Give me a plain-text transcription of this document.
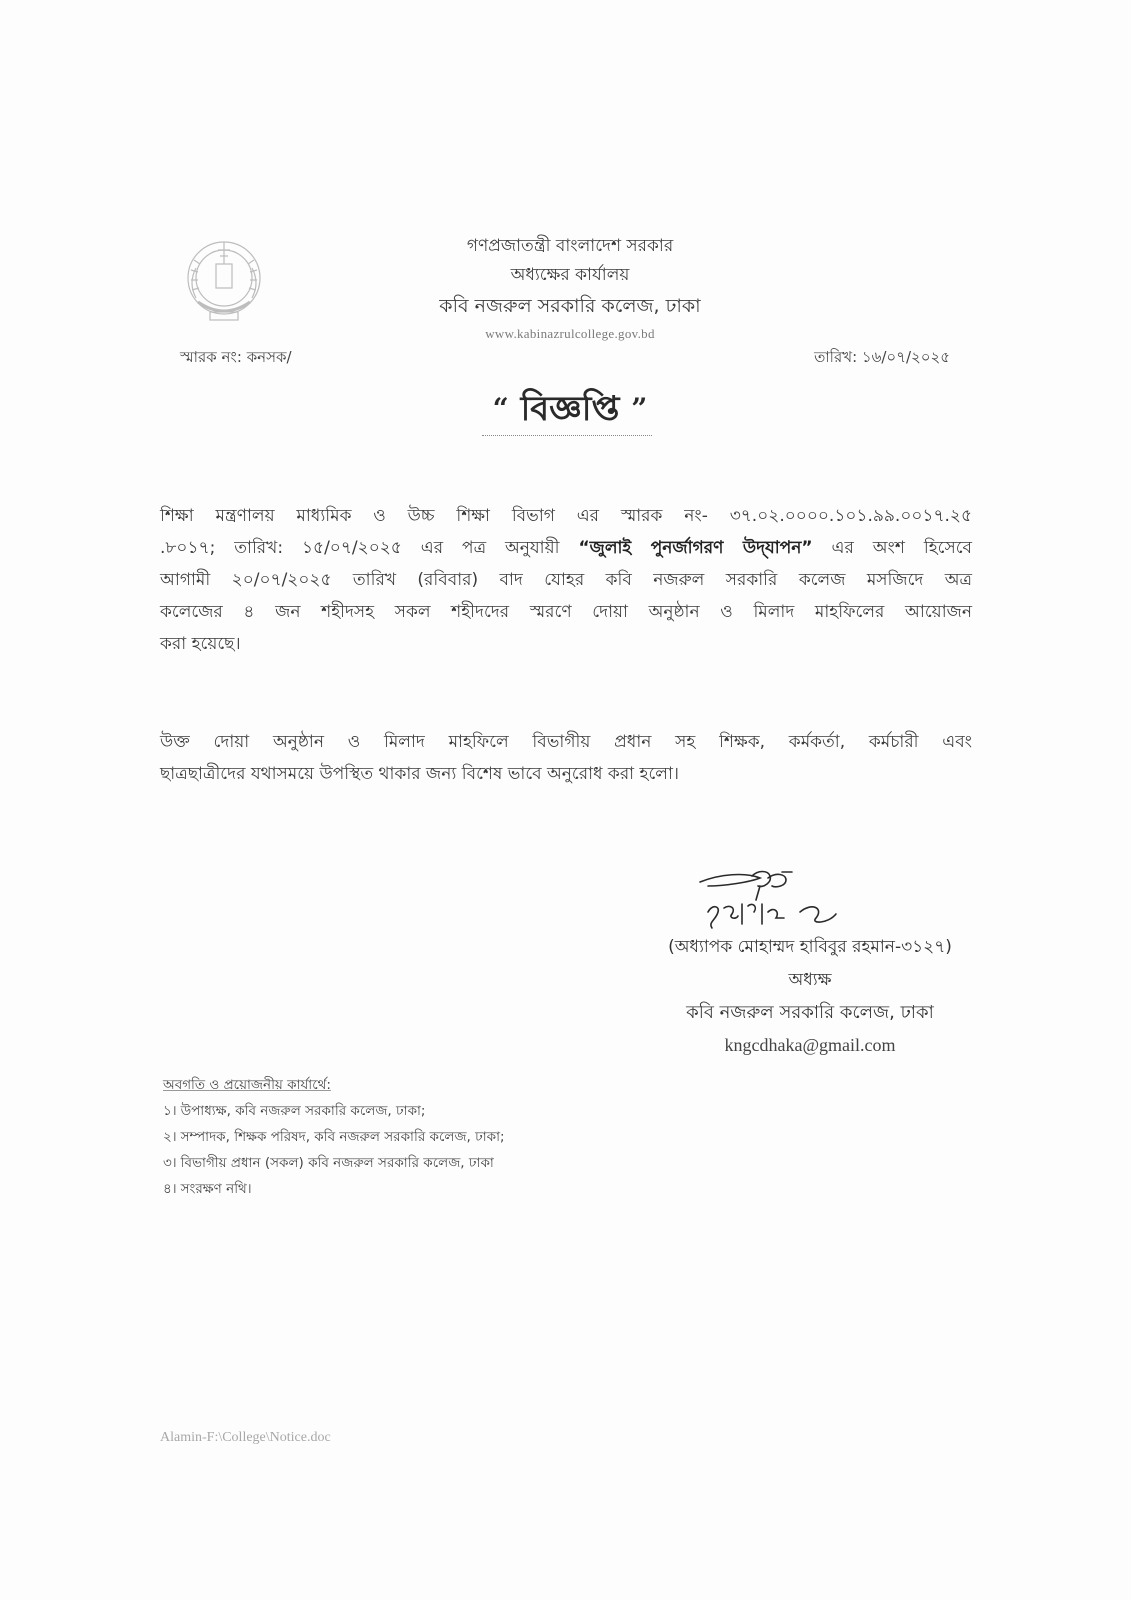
গণপ্রজাতন্ত্রী বাংলাদেশ সরকার
অধ্যক্ষের কার্যালয়
কবি নজরুল সরকারি কলেজ, ঢাকা
www.kabinazrulcollege.gov.bd
স্মারক নং: কনসক/	তারিখ: ১৬/০৭/২০২৫
“ বিজ্ঞপ্তি ”
শিক্ষা মন্ত্রণালয় মাধ্যমিক ও উচ্চ শিক্ষা বিভাগ এর স্মারক নং- ৩৭.০২.০০০০.১০১.৯৯.০০১৭.২৫
.৮০১৭; তারিখ: ১৫/০৭/২০২৫ এর পত্র অনুযায়ী “জুলাই পুনর্জাগরণ উদ্‌যাপন” এর অংশ হিসেবে
আগামী ২০/০৭/২০২৫ তারিখ (রবিবার) বাদ যোহর কবি নজরুল সরকারি কলেজ মসজিদে অত্র
কলেজের ৪ জন শহীদসহ সকল শহীদদের স্মরণে দোয়া অনুষ্ঠান ও মিলাদ মাহফিলের আয়োজন
করা হয়েছে।
উক্ত দোয়া অনুষ্ঠান ও মিলাদ মাহফিলে বিভাগীয় প্রধান সহ শিক্ষক, কর্মকর্তা, কর্মচারী এবং
ছাত্রছাত্রীদের যথাসময়ে উপস্থিত থাকার জন্য বিশেষ ভাবে অনুরোধ করা হলো।
(অধ্যাপক মোহাম্মদ হাবিবুর রহমান-৩১২৭)
অধ্যক্ষ
কবি নজরুল সরকারি কলেজ, ঢাকা
kngcdhaka@gmail.com
অবগতি ও প্রয়োজনীয় কার্যার্থে:
১। উপাধ্যক্ষ, কবি নজরুল সরকারি কলেজ, ঢাকা;
২। সম্পাদক, শিক্ষক পরিষদ, কবি নজরুল সরকারি কলেজ, ঢাকা;
৩। বিভাগীয় প্রধান (সকল) কবি নজরুল সরকারি কলেজ, ঢাকা
৪। সংরক্ষণ নথি।
Alamin-F:\College\Notice.doc
